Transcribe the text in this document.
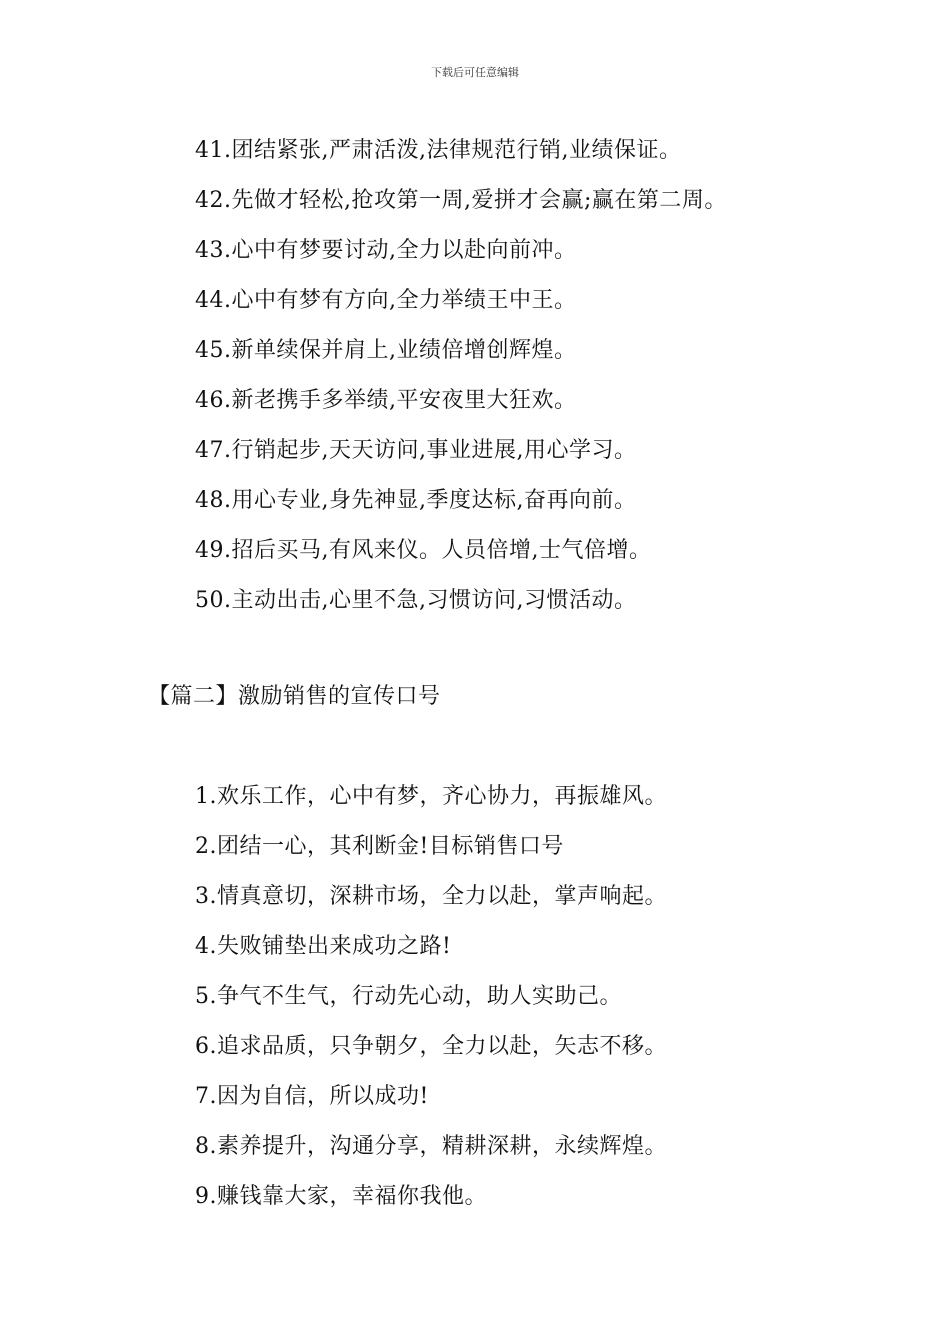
下载后可任意编辑
41.团结紧张,严肃活泼,法律规范行销,业绩保证。
42.先做才轻松,抢攻第一周,爱拼才会赢;赢在第二周。
43.心中有梦要讨动,全力以赴向前冲。
44.心中有梦有方向,全力举绩王中王。
45.新单续保并肩上,业绩倍增创辉煌。
46.新老携手多举绩,平安夜里大狂欢。
47.行销起步,天天访问,事业进展,用心学习。
48.用心专业,身先神显,季度达标,奋再向前。
49.招后买马,有风来仪。人员倍增,士气倍增。
50.主动出击,心里不急,习惯访问,习惯活动。
【篇二】激励销售的宣传口号
1.欢乐工作，心中有梦，齐心协力，再振雄风。
2.团结一心，其利断金!目标销售口号
3.情真意切，深耕市场，全力以赴，掌声响起。
4.失败铺垫出来成功之路!
5.争气不生气，行动先心动，助人实助己。
6.追求品质，只争朝夕，全力以赴，矢志不移。
7.因为自信，所以成功!
8.素养提升，沟通分享，精耕深耕，永续辉煌。
9.赚钱靠大家，幸福你我他。
